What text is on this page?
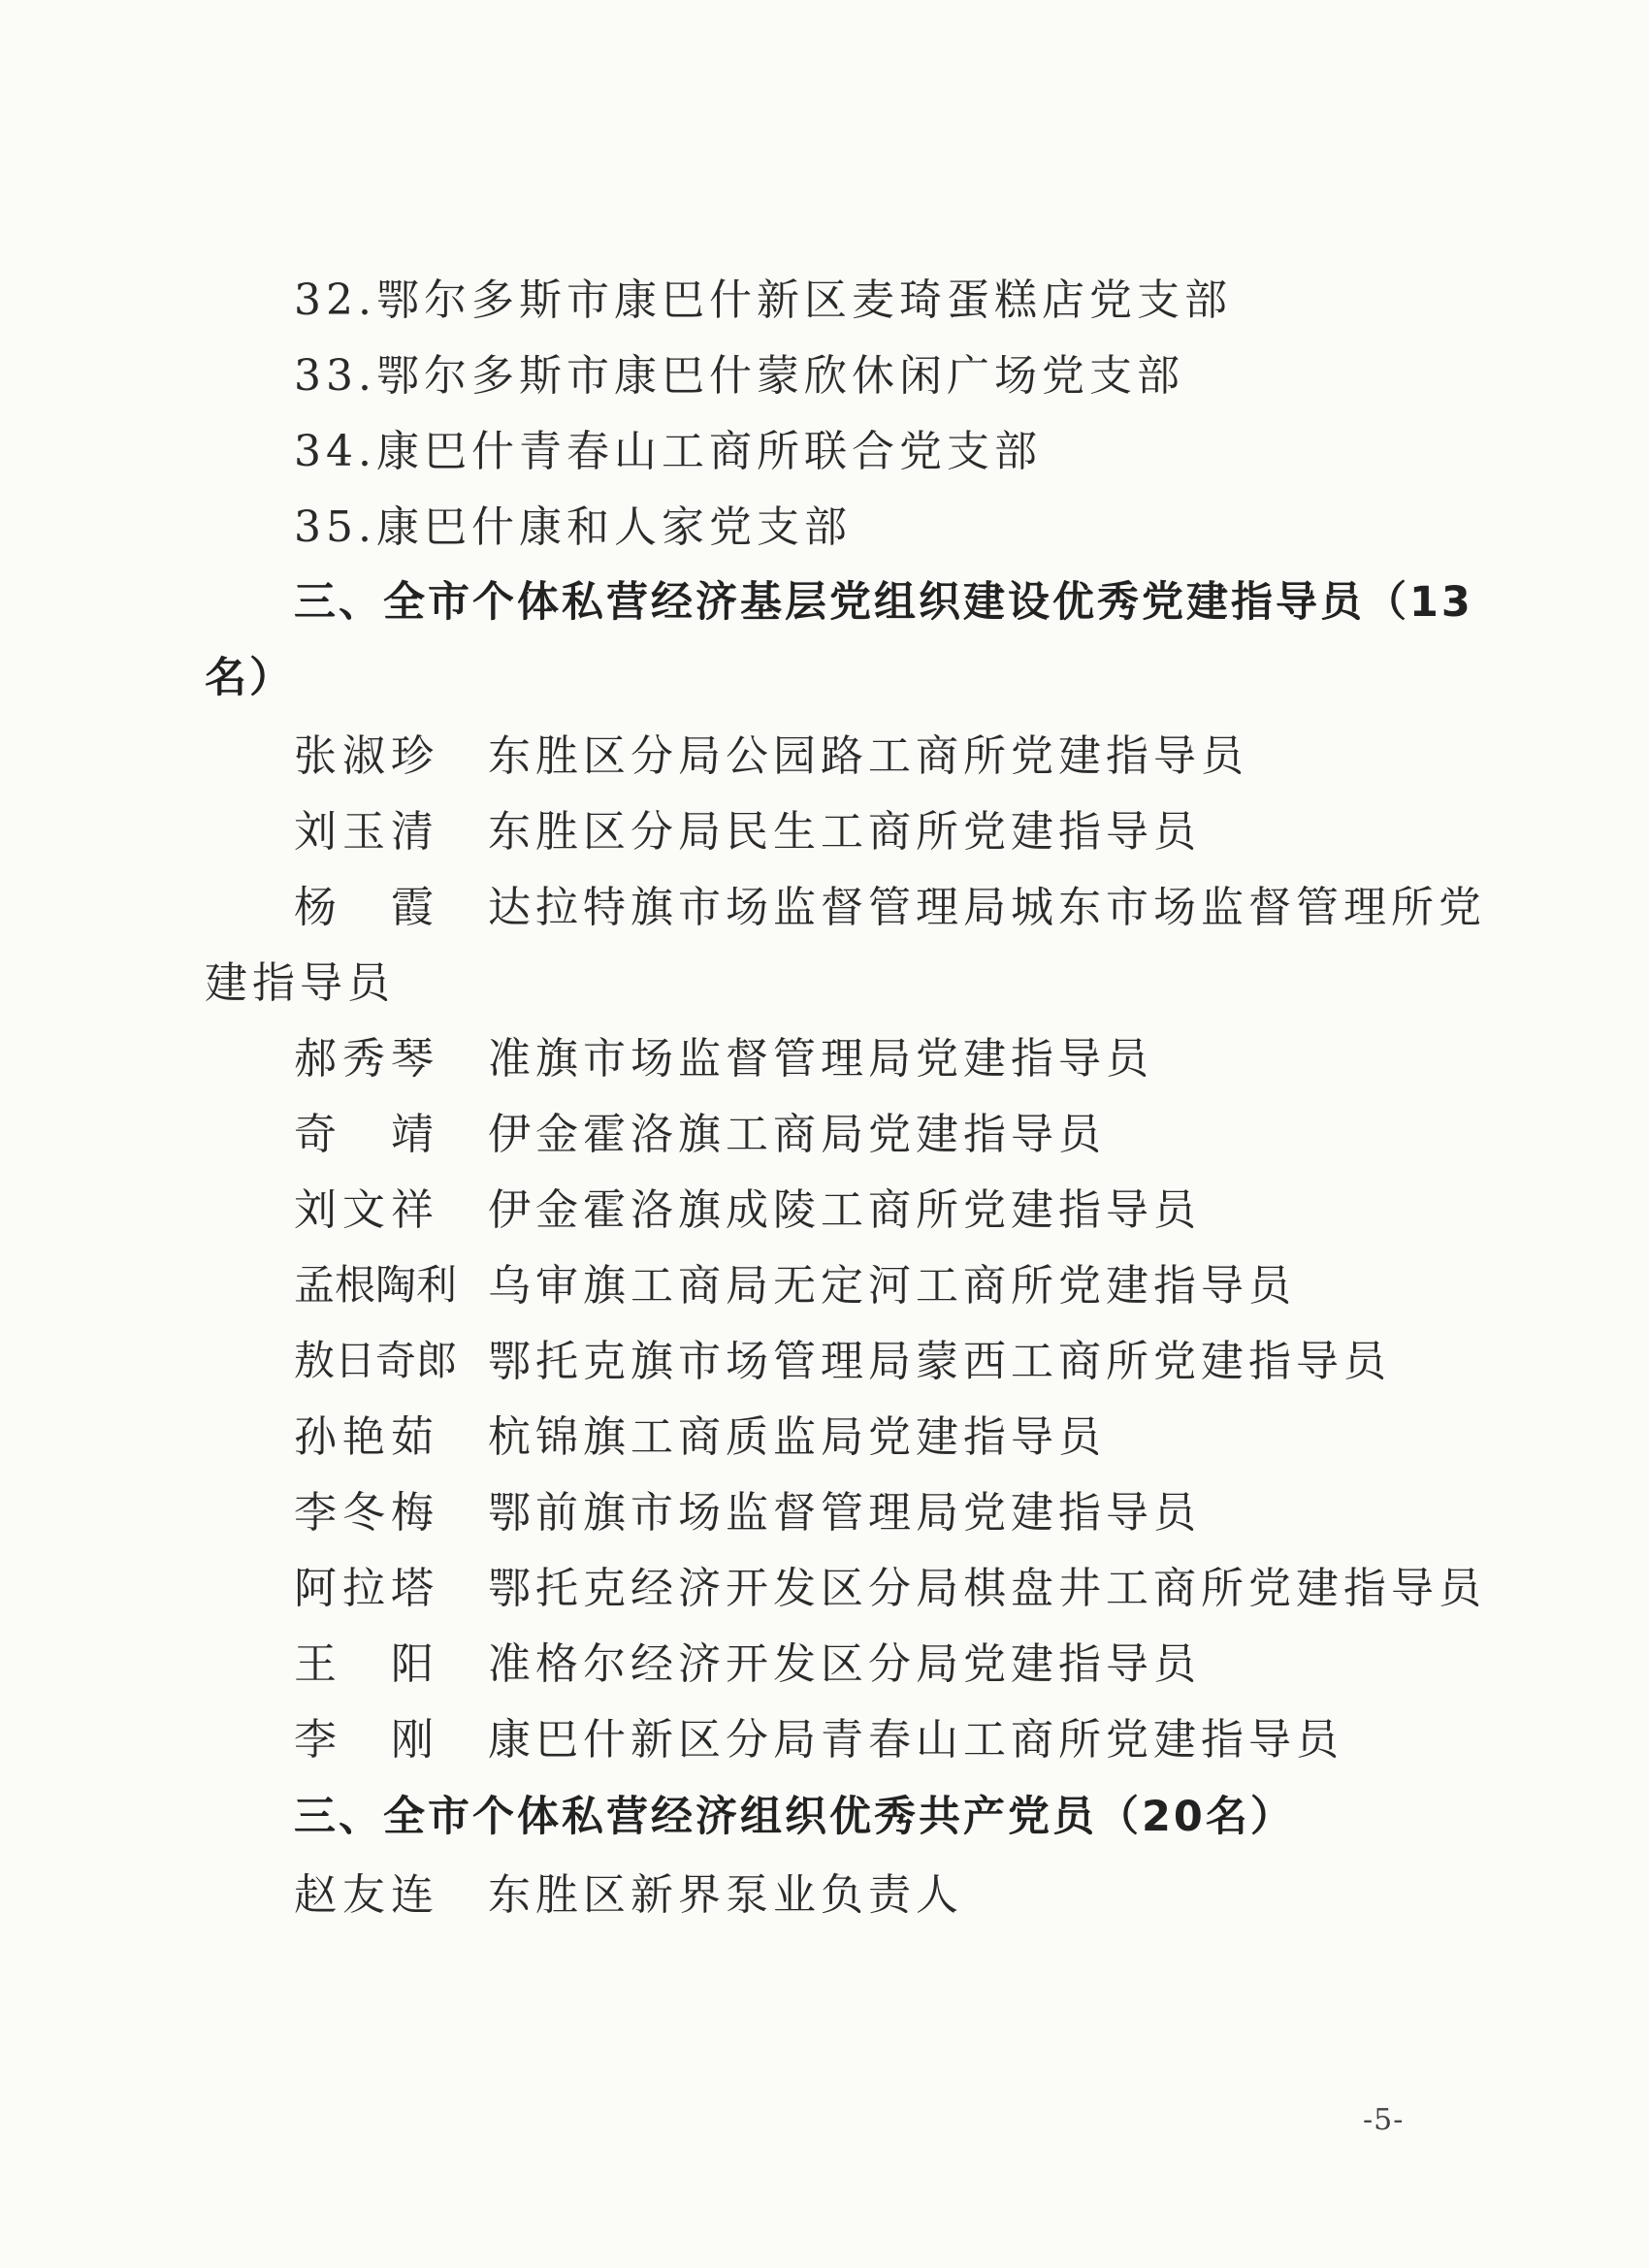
32.鄂尔多斯市康巴什新区麦琦蛋糕店党支部
33.鄂尔多斯市康巴什蒙欣休闲广场党支部
34.康巴什青春山工商所联合党支部
35.康巴什康和人家党支部
三、全市个体私营经济基层党组织建设优秀党建指导员（13
名）
张淑珍 东胜区分局公园路工商所党建指导员
刘玉清 东胜区分局民生工商所党建指导员
杨　霞 达拉特旗市场监督管理局城东市场监督管理所党
建指导员
郝秀琴 准旗市场监督管理局党建指导员
奇　靖 伊金霍洛旗工商局党建指导员
刘文祥 伊金霍洛旗成陵工商所党建指导员
孟根陶利 乌审旗工商局无定河工商所党建指导员
敖日奇郎 鄂托克旗市场管理局蒙西工商所党建指导员
孙艳茹 杭锦旗工商质监局党建指导员
李冬梅 鄂前旗市场监督管理局党建指导员
阿拉塔 鄂托克经济开发区分局棋盘井工商所党建指导员
王　阳 准格尔经济开发区分局党建指导员
李　刚 康巴什新区分局青春山工商所党建指导员
三、全市个体私营经济组织优秀共产党员（20名）
赵友连 东胜区新界泵业负责人
-5-
